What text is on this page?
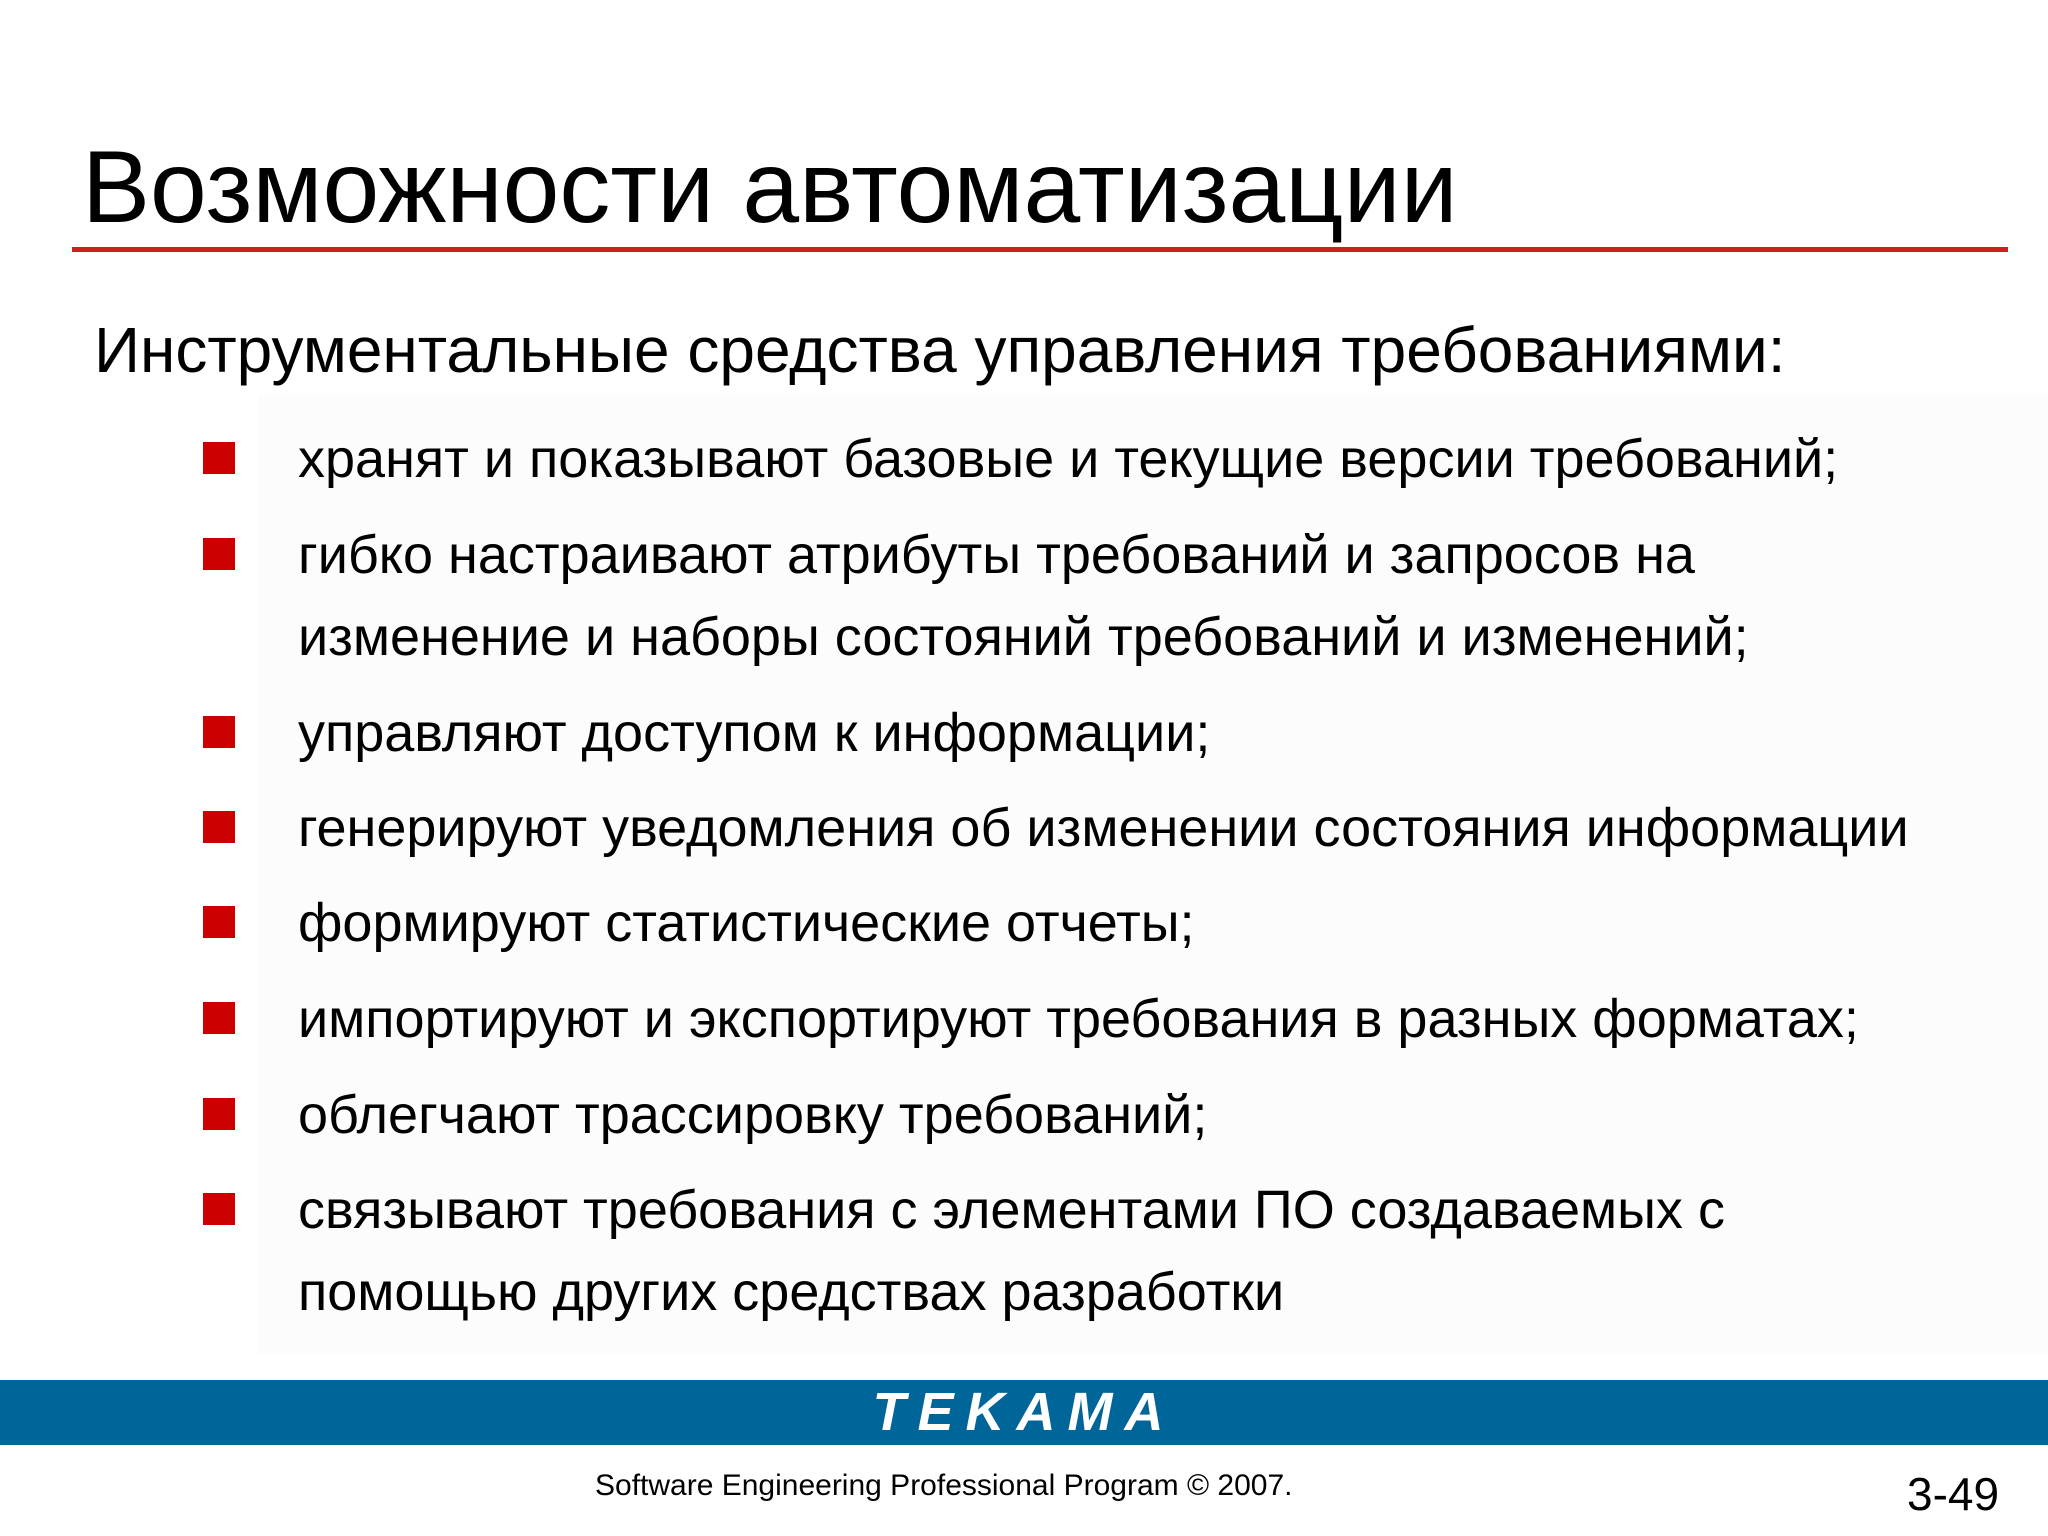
Возможности автоматизации

Инструментальные средства управления требованиями:

хранят и показывают базовые и текущие версии требований;
гибко настраивают атрибуты требований и запросов на
изменение и наборы состояний требований и изменений;
управляют доступом к информации;
генерируют уведомления об изменении состояния информации
формируют статистические отчеты;
импортируют и экспортируют требования в разных форматах;
облегчают трассировку требований;
связывают требования с элементами ПО создаваемых с
помощью других средствах разработки
TEKAMA
Software Engineering Professional Program © 2007.	3-49
